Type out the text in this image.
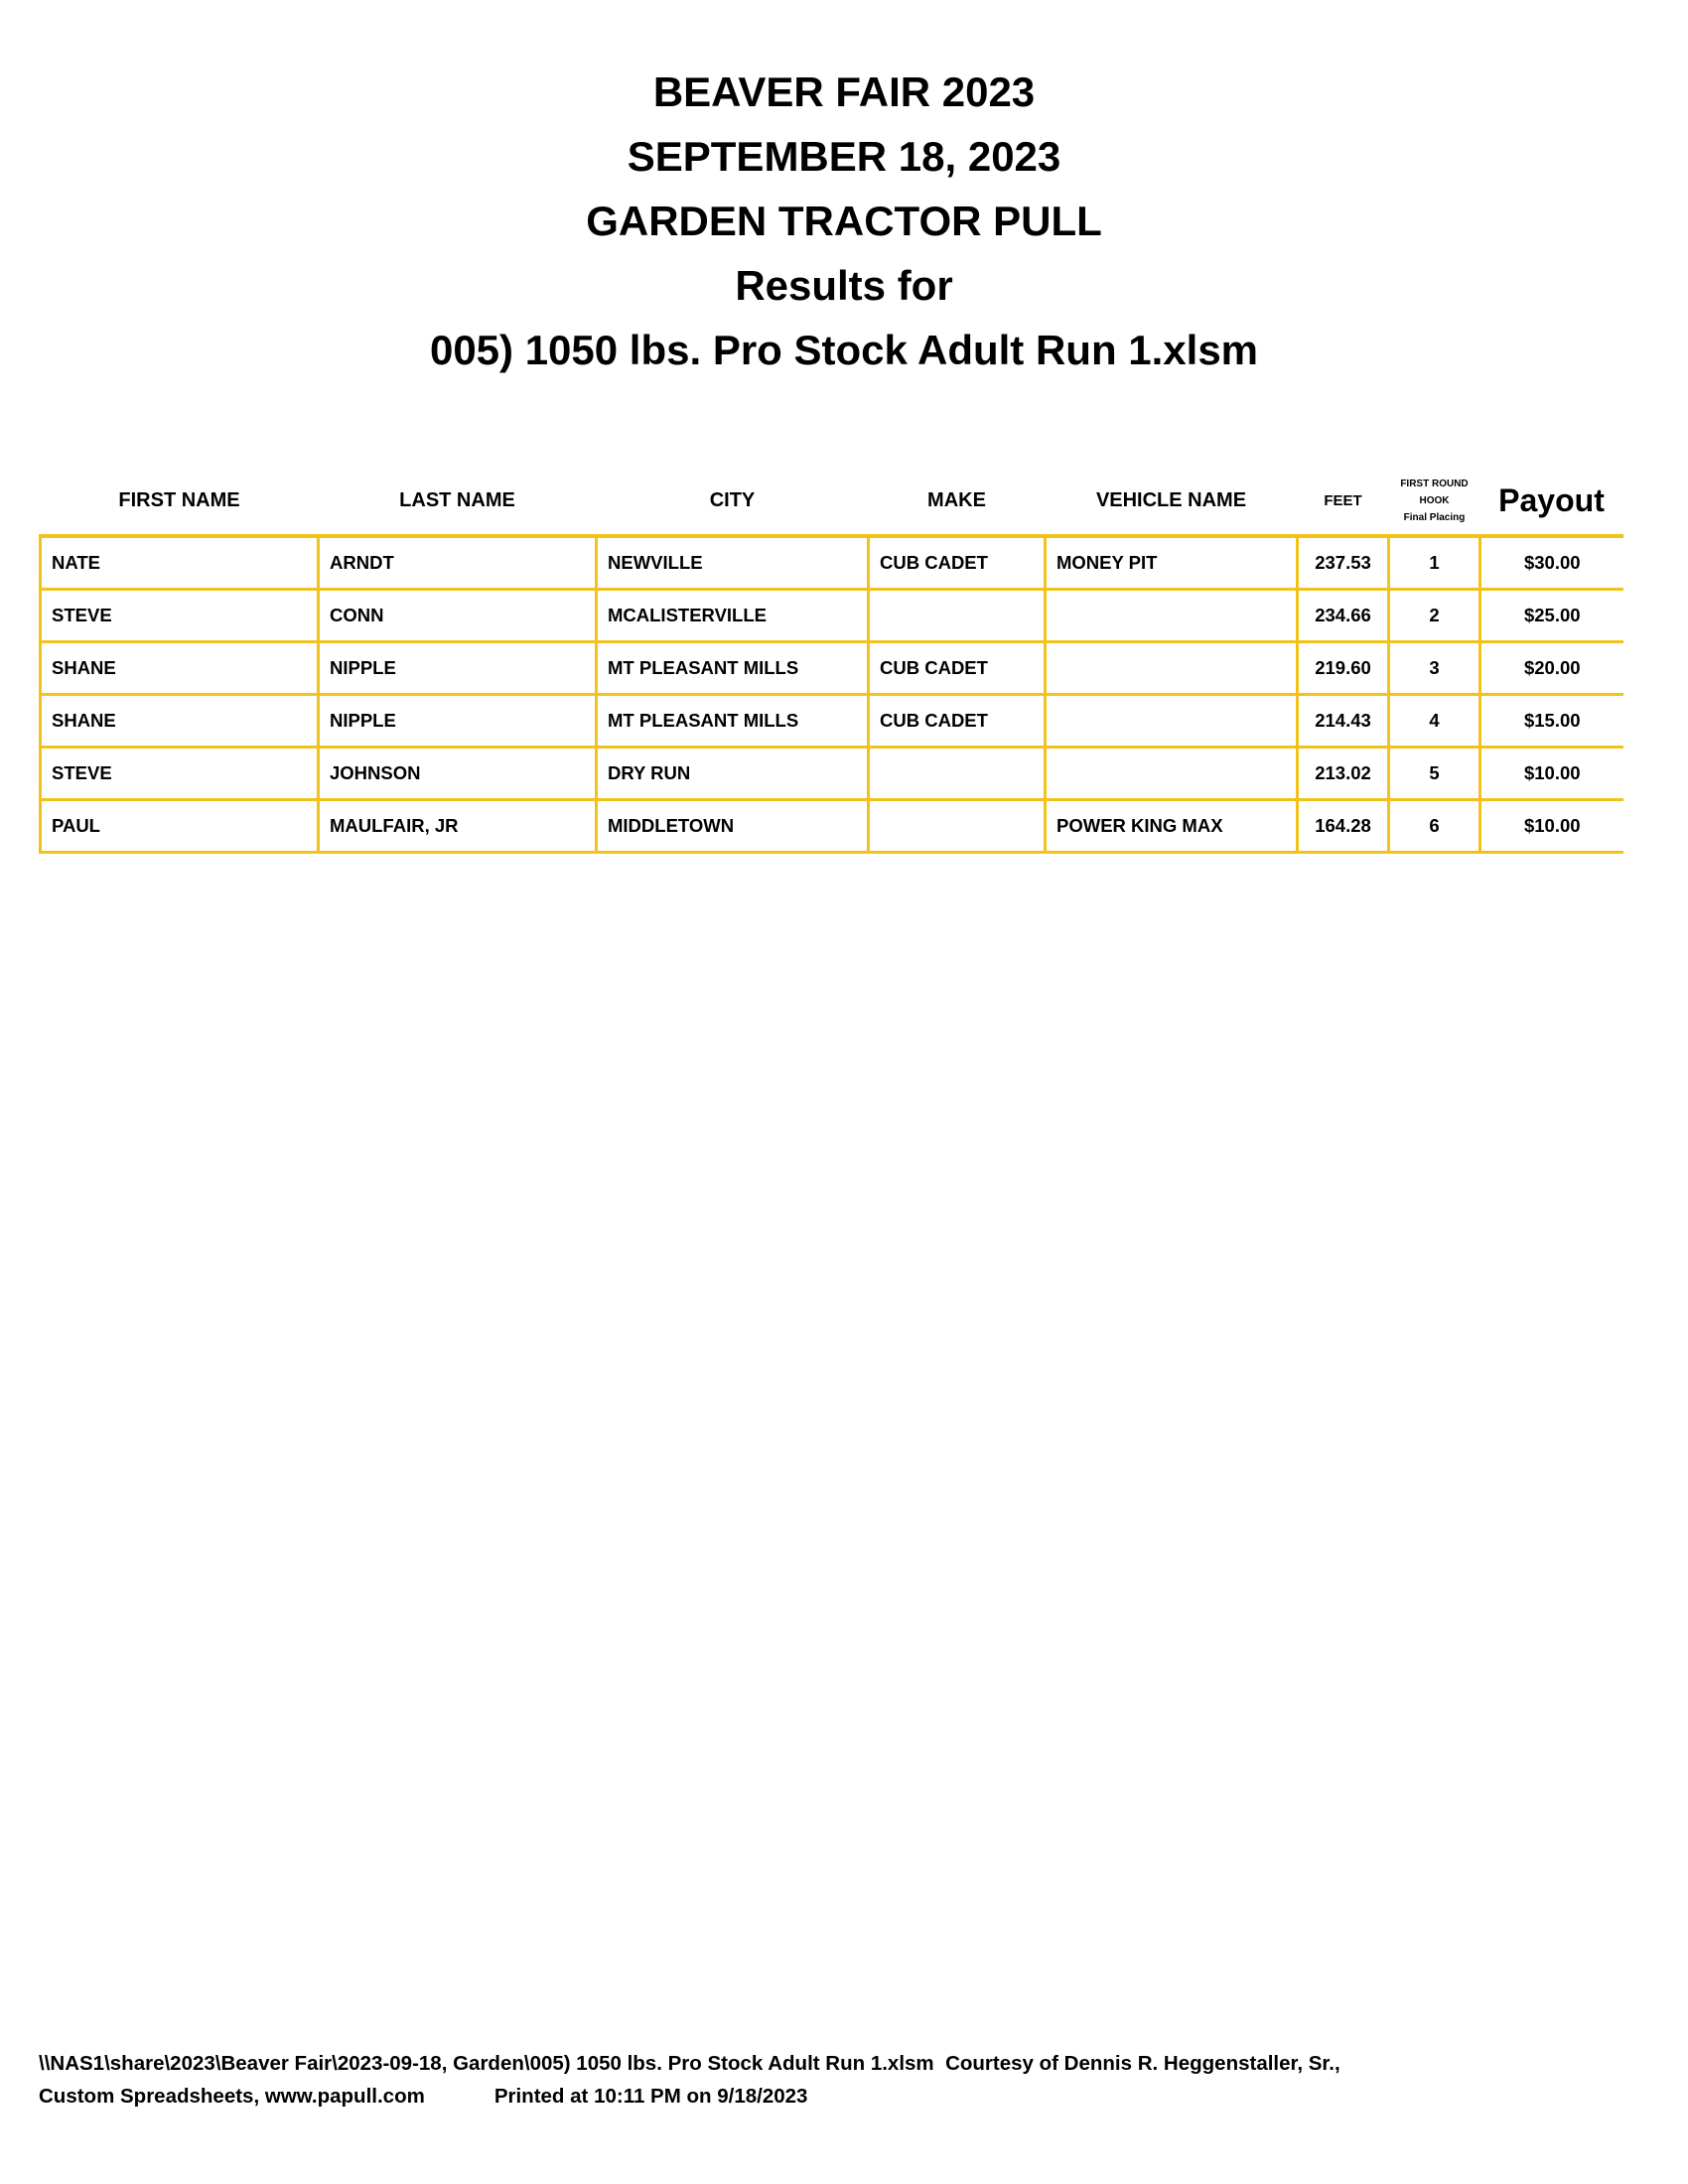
BEAVER FAIR 2023
SEPTEMBER 18, 2023
GARDEN TRACTOR PULL
Results for
005) 1050 lbs. Pro Stock Adult Run 1.xlsm
FIRST NAME	LAST NAME	CITY	MAKE	VEHICLE NAME	FEET	FIRST ROUND
HOOK
Final Placing	Payout
NATE	ARNDT	NEWVILLE	CUB CADET	MONEY PIT	237.53	1	$30.00
STEVE	CONN	MCALISTERVILLE			234.66	2	$25.00
SHANE	NIPPLE	MT PLEASANT MILLS	CUB CADET		219.60	3	$20.00
SHANE	NIPPLE	MT PLEASANT MILLS	CUB CADET		214.43	4	$15.00
STEVE	JOHNSON	DRY RUN			213.02	5	$10.00
PAUL	MAULFAIR, JR	MIDDLETOWN		POWER KING MAX	164.28	6	$10.00
\\NAS1\share\2023\Beaver Fair\2023-09-18, Garden\005) 1050 lbs. Pro Stock Adult Run 1.xlsm Courtesy of Dennis R. Heggenstaller, Sr.,
Custom Spreadsheets, www.papull.com	Printed at 10:11 PM on 9/18/2023
